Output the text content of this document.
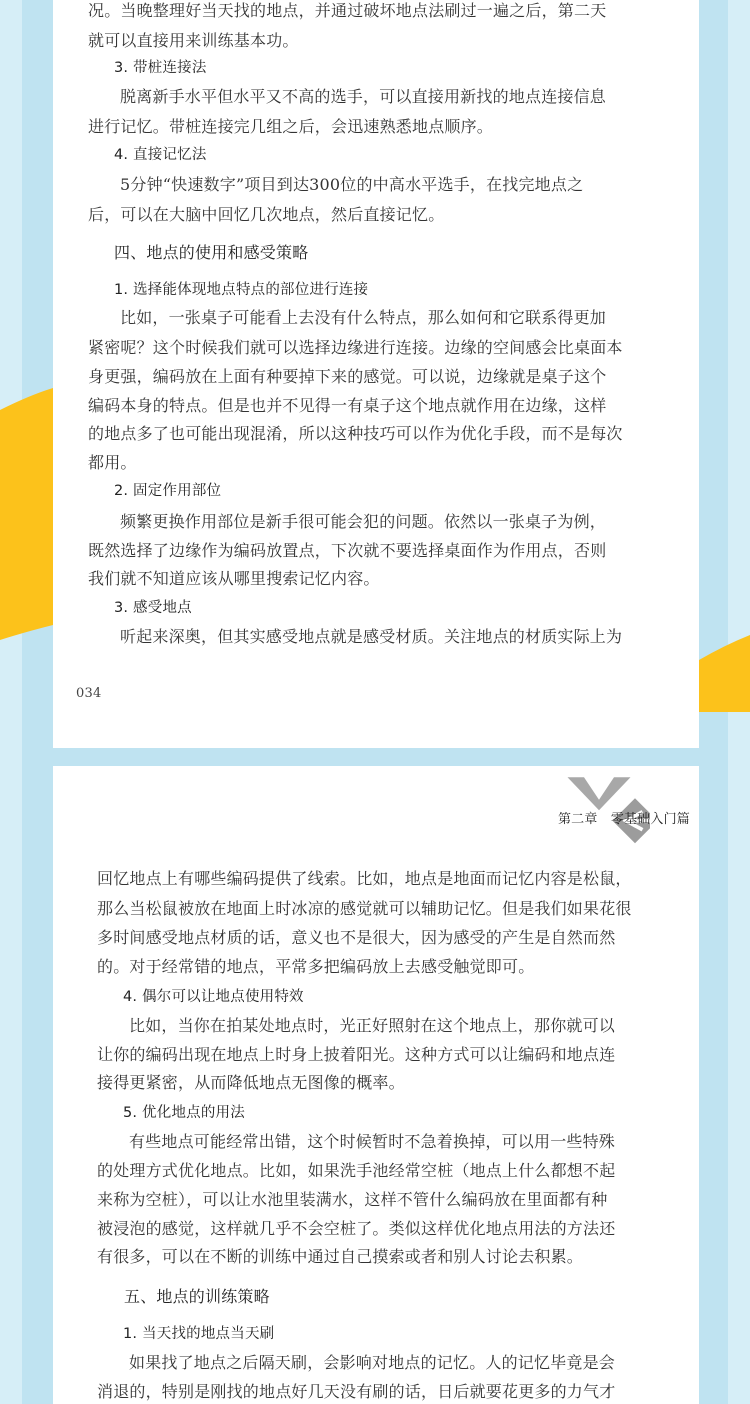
况。当晚整理好当天找的地点，并通过破坏地点法刷过一遍之后，第二天
就可以直接用来训练基本功。
3. 带桩连接法
脱离新手水平但水平又不高的选手，可以直接用新找的地点连接信息
进行记忆。带桩连接完几组之后，会迅速熟悉地点顺序。
4. 直接记忆法
5分钟“快速数字”项目到达300位的中高水平选手，在找完地点之
后，可以在大脑中回忆几次地点，然后直接记忆。
四、地点的使用和感受策略
1. 选择能体现地点特点的部位进行连接
比如，一张桌子可能看上去没有什么特点，那么如何和它联系得更加
紧密呢？这个时候我们就可以选择边缘进行连接。边缘的空间感会比桌面本
身更强，编码放在上面有种要掉下来的感觉。可以说，边缘就是桌子这个
编码本身的特点。但是也并不见得一有桌子这个地点就作用在边缘，这样
的地点多了也可能出现混淆，所以这种技巧可以作为优化手段，而不是每次
都用。
2. 固定作用部位
频繁更换作用部位是新手很可能会犯的问题。依然以一张桌子为例，
既然选择了边缘作为编码放置点，下次就不要选择桌面作为作用点，否则
我们就不知道应该从哪里搜索记忆内容。
3. 感受地点
听起来深奥，但其实感受地点就是感受材质。关注地点的材质实际上为
034
第二章　零基础入门篇
回忆地点上有哪些编码提供了线索。比如，地点是地面而记忆内容是松鼠，
那么当松鼠被放在地面上时冰凉的感觉就可以辅助记忆。但是我们如果花很
多时间感受地点材质的话，意义也不是很大，因为感受的产生是自然而然
的。对于经常错的地点，平常多把编码放上去感受触觉即可。
4. 偶尔可以让地点使用特效
比如，当你在拍某处地点时，光正好照射在这个地点上，那你就可以
让你的编码出现在地点上时身上披着阳光。这种方式可以让编码和地点连
接得更紧密，从而降低地点无图像的概率。
5. 优化地点的用法
有些地点可能经常出错，这个时候暂时不急着换掉，可以用一些特殊
的处理方式优化地点。比如，如果洗手池经常空桩（地点上什么都想不起
来称为空桩），可以让水池里装满水，这样不管什么编码放在里面都有种
被浸泡的感觉，这样就几乎不会空桩了。类似这样优化地点用法的方法还
有很多，可以在不断的训练中通过自己摸索或者和别人讨论去积累。
五、地点的训练策略
1. 当天找的地点当天刷
如果找了地点之后隔天刷，会影响对地点的记忆。人的记忆毕竟是会
消退的，特别是刚找的地点好几天没有刷的话，日后就要花更多的力气才
